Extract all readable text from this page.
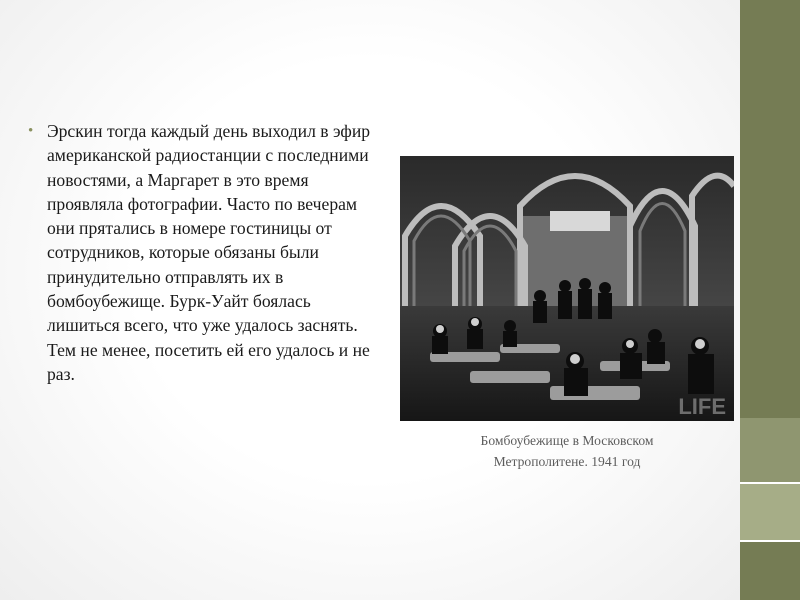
• Эрскин тогда каждый день выходил в эфир американской радиостанции с последними новостями, а Маргарет в это время проявляла фотографии. Часто по вечерам они прятались в номере гостиницы от сотрудников, которые обязаны были принудительно отправлять их в бомбоубежище. Бурк-Уайт боялась лишиться всего, что уже удалось заснять. Тем не менее, посетить ей его удалось и не раз.
LIFE
Бомбоубежище в Московском
Метрополитене. 1941 год
